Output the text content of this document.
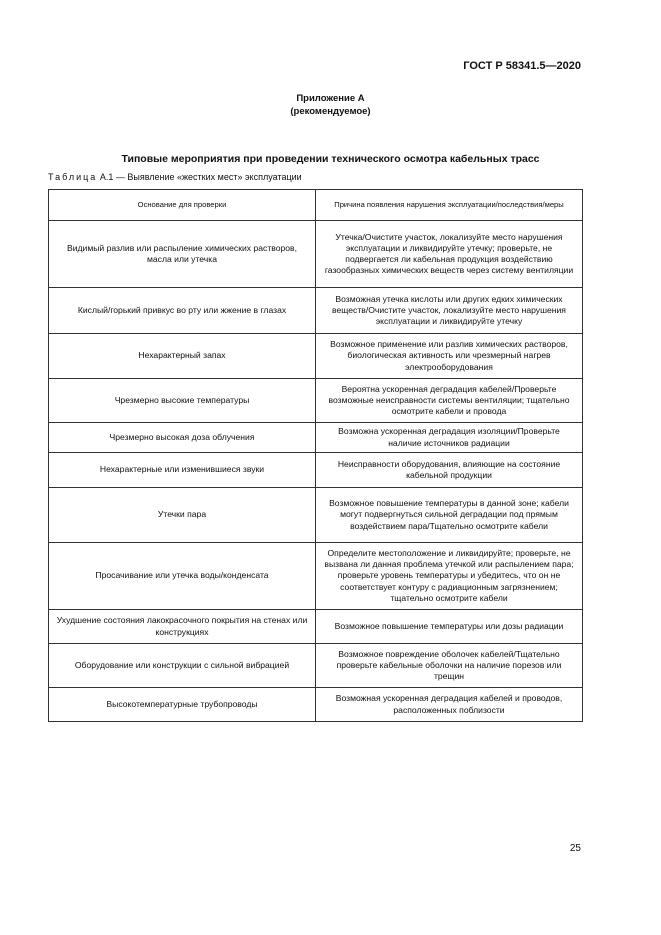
ГОСТ Р 58341.5—2020
Приложение А
(рекомендуемое)
Типовые мероприятия при проведении технического осмотра кабельных трасс
Таблица А.1 — Выявление «жестких мест» эксплуатации
Основание для проверки	Причина появления нарушения эксплуатации/последствия/меры
Видимый разлив или распыление химических растворов, масла или утечка	Утечка/Очистите участок, локализуйте место нарушения эксплуатации и ликвидируйте утечку; проверьте, не подвергается ли кабельная продукция воздействию газообразных химических веществ через систему вентиляции
Кислый/горький привкус во рту или жжение в глазах	Возможная утечка кислоты или других едких химических веществ/Очистите участок, локализуйте место нарушения эксплуатации и ликвидируйте утечку
Нехарактерный запах	Возможное применение или разлив химических растворов, биологическая активность или чрезмерный нагрев электрооборудования
Чрезмерно высокие температуры	Вероятна ускоренная деградация кабелей/Проверьте возможные неисправности системы вентиляции; тщательно осмотрите кабели и провода
Чрезмерно высокая доза облучения	Возможна ускоренная деградация изоляции/Проверьте наличие источников радиации
Нехарактерные или изменившиеся звуки	Неисправности оборудования, влияющие на состояние кабельной продукции
Утечки пара	Возможное повышение температуры в данной зоне; кабели могут подвергнуться сильной деградации под прямым воздействием пара/Тщательно осмотрите кабели
Просачивание или утечка воды/конденсата	Определите местоположение и ликвидируйте; проверьте, не вызвана ли данная проблема утечкой или распылением пара; проверьте уровень температуры и убедитесь, что он не соответствует контуру с радиационным загрязнением; тщательно осмотрите кабели
Ухудшение состояния лакокрасочного покрытия на стенах или конструкциях	Возможное повышение температуры или дозы радиации
Оборудование или конструкции с сильной вибрацией	Возможное повреждение оболочек кабелей/Тщательно проверьте кабельные оболочки на наличие порезов или трещин
Высокотемпературные трубопроводы	Возможная ускоренная деградация кабелей и проводов, расположенных поблизости
25
